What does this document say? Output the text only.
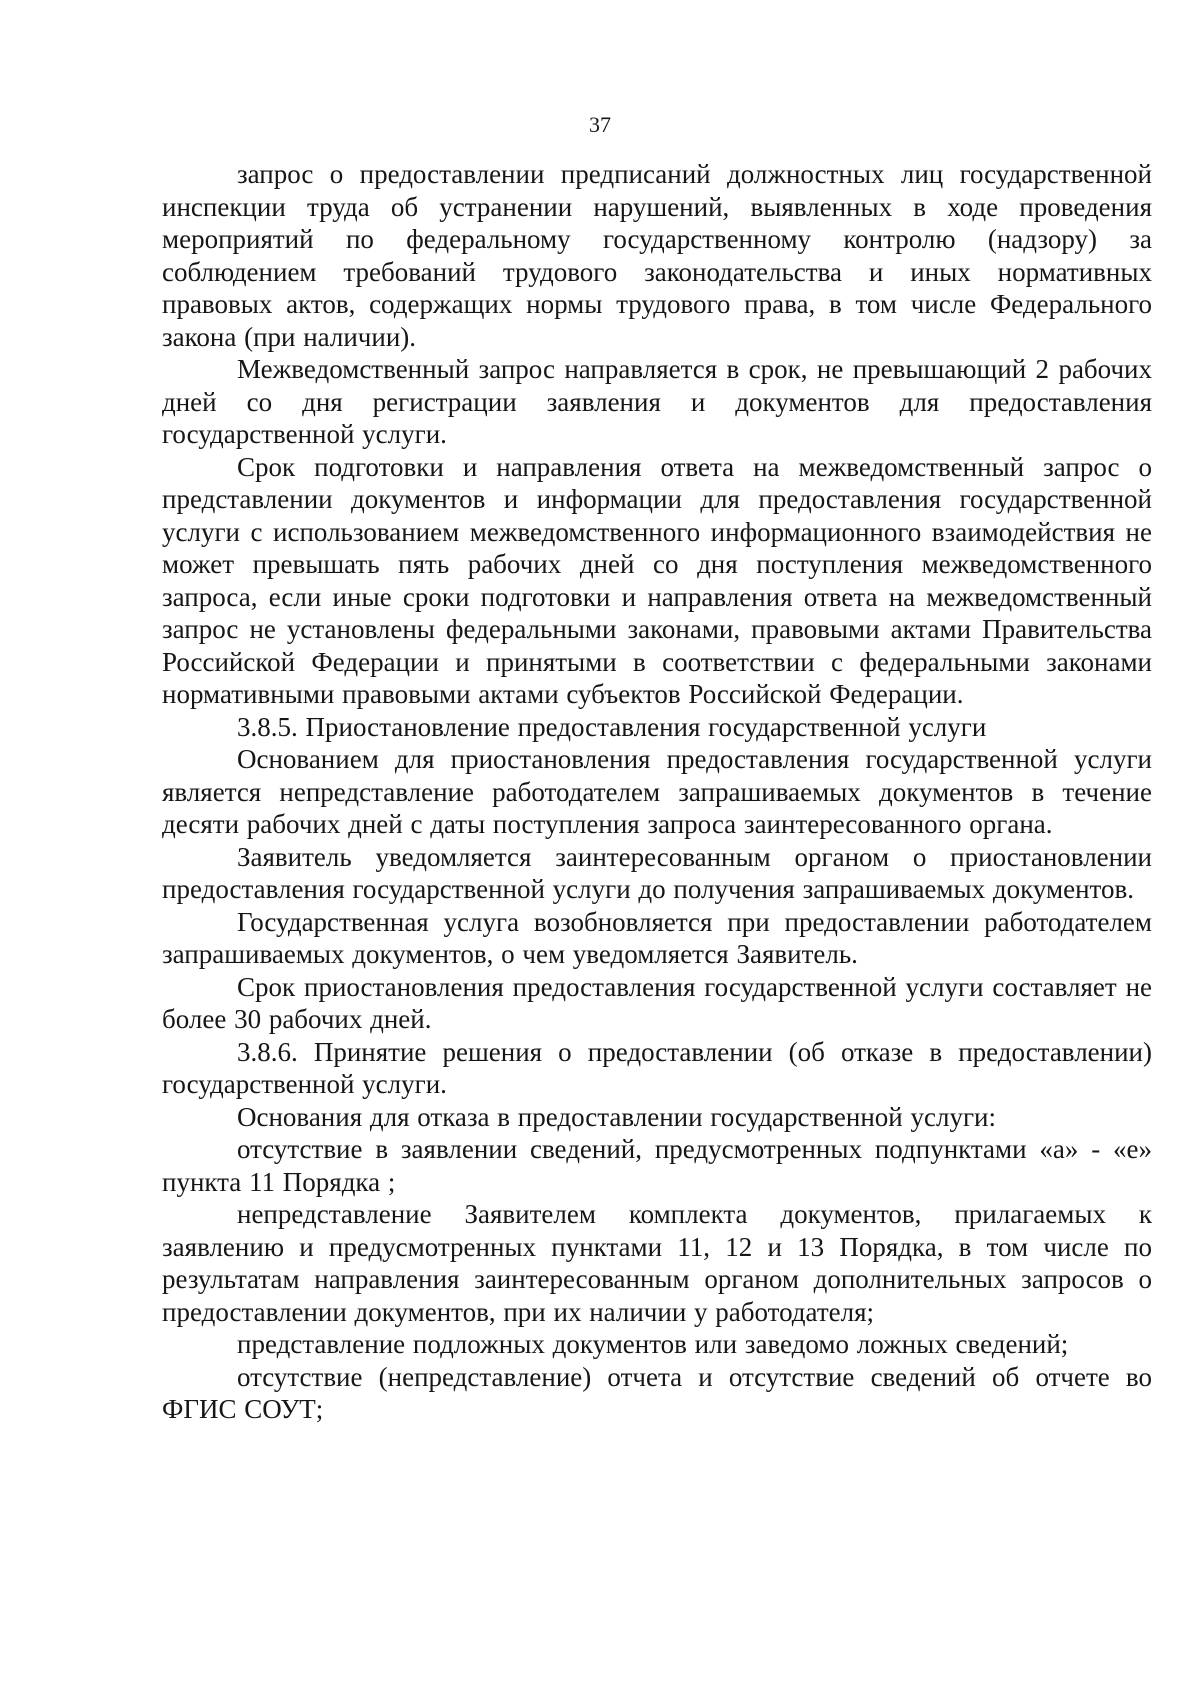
37

запрос о предоставлении предписаний должностных лиц государственной инспекции труда об устранении нарушений, выявленных в ходе проведения мероприятий по федеральному государственному контролю (надзору) за соблюдением требований трудового законодательства и иных нормативных правовых актов, содержащих нормы трудового права, в том числе Федерального закона (при наличии).

Межведомственный запрос направляется в срок, не превышающий 2 рабочих дней со дня регистрации заявления и документов для предоставления государственной услуги.

Срок подготовки и направления ответа на межведомственный запрос о представлении документов и информации для предоставления государственной услуги с использованием межведомственного информационного взаимодействия не может превышать пять рабочих дней со дня поступления межведомственного запроса, если иные сроки подготовки и направления ответа на межведомственный запрос не установлены федеральными законами, правовыми актами Правительства Российской Федерации и принятыми в соответствии с федеральными законами нормативными правовыми актами субъектов Российской Федерации.

3.8.5. Приостановление предоставления государственной услуги

Основанием для приостановления предоставления государственной услуги является непредставление работодателем запрашиваемых документов в течение десяти рабочих дней с даты поступления запроса заинтересованного органа.

Заявитель уведомляется заинтересованным органом о приостановлении предоставления государственной услуги до получения запрашиваемых документов.

Государственная услуга возобновляется при предоставлении работодателем запрашиваемых документов, о чем уведомляется Заявитель.

Срок приостановления предоставления государственной услуги составляет не более 30 рабочих дней.

3.8.6. Принятие решения о предоставлении (об отказе в предоставлении) государственной услуги.

Основания для отказа в предоставлении государственной услуги:

отсутствие в заявлении сведений, предусмотренных подпунктами «а» - «е» пункта 11 Порядка ;

непредставление Заявителем комплекта документов, прилагаемых к заявлению и предусмотренных пунктами 11, 12 и 13 Порядка, в том числе по результатам направления заинтересованным органом дополнительных запросов о предоставлении документов, при их наличии у работодателя;

представление подложных документов или заведомо ложных сведений;

отсутствие (непредставление) отчета и отсутствие сведений об отчете во ФГИС СОУТ;
